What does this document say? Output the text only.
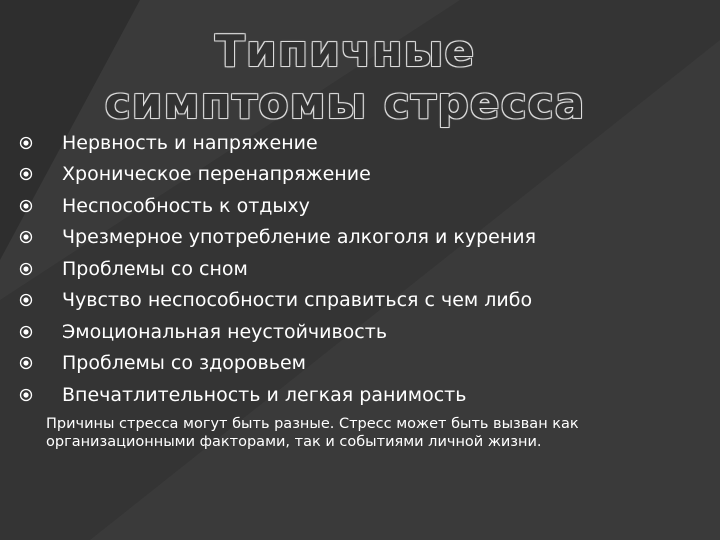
Типичные симптомы стресса
Нервность и напряжение
Хроническое перенапряжение
Неспособность к отдыху
Чрезмерное употребление алкоголя и курения
Проблемы со сном
Чувство неспособности справиться с чем либо
Эмоциональная неустойчивость
Проблемы со здоровьем
Впечатлительность и легкая ранимость
Причины стресса могут быть разные. Стресс может быть вызван как организационными факторами, так и событиями личной жизни.
